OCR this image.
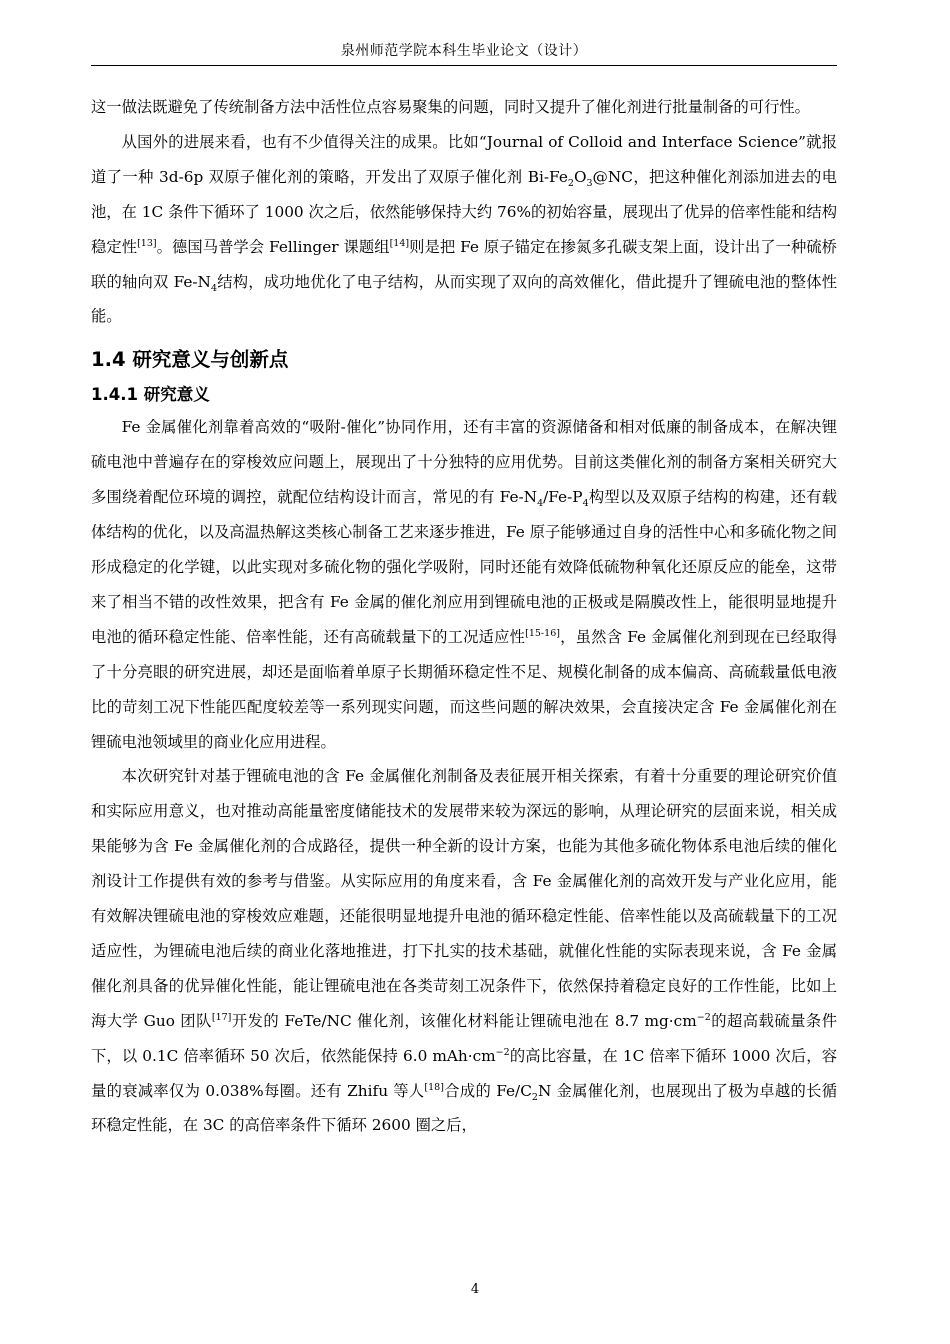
泉州师范学院本科生毕业论文（设计）

这一做法既避免了传统制备方法中活性位点容易聚集的问题，同时又提升了催化剂进行批量制备的可行性。

从国外的进展来看，也有不少值得关注的成果。比如“Journal of Colloid and Interface Science”就报道了一种 3d-6p 双原子催化剂的策略，开发出了双原子催化剂 $Bi-Fe_2O_3@NC$，把这种催化剂添加进去的电池，在 1C 条件下循环了 1000 次之后，依然能够保持大约 76%的初始容量，展现出了优异的倍率性能和结构稳定性[13]。德国马普学会 Fellinger 课题组[14]则是把 Fe 原子锚定在掺氮多孔碳支架上面，设计出了一种硫桥联的轴向双 $Fe-N_4$结构，成功地优化了电子结构，从而实现了双向的高效催化，借此提升了锂硫电池的整体性能。

1.4 研究意义与创新点
1.4.1 研究意义

Fe 金属催化剂靠着高效的“吸附-催化”协同作用，还有丰富的资源储备和相对低廉的制备成本，在解决锂硫电池中普遍存在的穿梭效应问题上，展现出了十分独特的应用优势。目前这类催化剂的制备方案相关研究大多围绕着配位环境的调控，就配位结构设计而言，常见的有 $Fe-N_4/Fe-P_4$构型以及双原子结构的构建，还有载体结构的优化，以及高温热解这类核心制备工艺来逐步推进，Fe 原子能够通过自身的活性中心和多硫化物之间形成稳定的化学键，以此实现对多硫化物的强化学吸附，同时还能有效降低硫物种氧化还原反应的能垒，这带来了相当不错的改性效果，把含有 Fe 金属的催化剂应用到锂硫电池的正极或是隔膜改性上，能很明显地提升电池的循环稳定性能、倍率性能，还有高硫载量下的工况适应性[15-16]，虽然含 Fe 金属催化剂到现在已经取得了十分亮眼的研究进展，却还是面临着单原子长期循环稳定性不足、规模化制备的成本偏高、高硫载量低电液比的苛刻工况下性能匹配度较差等一系列现实问题，而这些问题的解决效果，会直接决定含 Fe 金属催化剂在锂硫电池领域里的商业化应用进程。

本次研究针对基于锂硫电池的含 Fe 金属催化剂制备及表征展开相关探索，有着十分重要的理论研究价值和实际应用意义，也对推动高能量密度储能技术的发展带来较为深远的影响，从理论研究的层面来说，相关成果能够为含 Fe 金属催化剂的合成路径，提供一种全新的设计方案，也能为其他多硫化物体系电池后续的催化剂设计工作提供有效的参考与借鉴。从实际应用的角度来看，含 Fe 金属催化剂的高效开发与产业化应用，能有效解决锂硫电池的穿梭效应难题，还能很明显地提升电池的循环稳定性能、倍率性能以及高硫载量下的工况适应性，为锂硫电池后续的商业化落地推进，打下扎实的技术基础，就催化性能的实际表现来说，含 Fe 金属催化剂具备的优异催化性能，能让锂硫电池在各类苛刻工况条件下，依然保持着稳定良好的工作性能，比如上海大学 Guo 团队[17]开发的 FeTe/NC 催化剂，该催化材料能让锂硫电池在 8.7 $mg\cdot cm^{-2}$的超高载硫量条件下，以 0.1C 倍率循环 50 次后，依然能保持 6.0 $mAh\cdot cm^{-2}$的高比容量，在 1C 倍率下循环 1000 次后，容量的衰减率仅为 0.038%每圈。还有 Zhifu 等人[18]合成的 $Fe/C_2N$ 金属催化剂，也展现出了极为卓越的长循环稳定性能，在 3C 的高倍率条件下循环 2600 圈之后，

4
